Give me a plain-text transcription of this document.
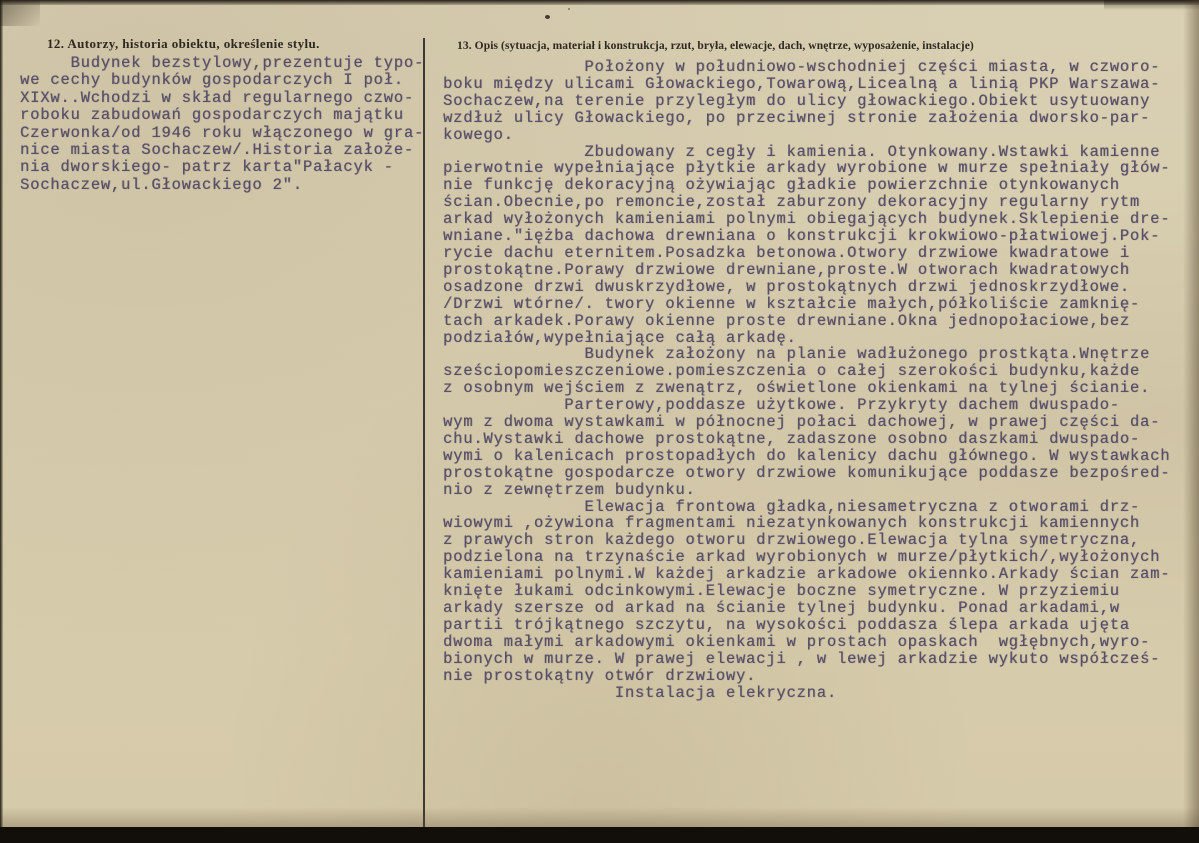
12. Autorzy, historia obiektu, określenie stylu.	13. Opis (sytuacja, materiał i konstrukcja, rzut, bryła, elewacje, dach, wnętrze, wyposażenie, instalacje)
Budynek bezstylowy,prezentuje typo-
we cechy budynków gospodarczych I poł.
XIXw..Wchodzi w skład regularnego czwo-
roboku zabudowań gospodarczych majątku
Czerwonka/od 1946 roku włączonego w gra-
nice miasta Sochaczew/.Historia założe-
nia dworskiego- patrz karta"Pałacyk -
Sochaczew,ul.Głowackiego 2".
Położony w południowo-wschodniej części miasta, w czworo-
boku między ulicami Głowackiego,Towarową,Licealną a linią PKP Warszawa-
Sochaczew,na terenie przyległym do ulicy głowackiego.Obiekt usytuowany
wzdłuż ulicy Głowackiego, po przeciwnej stronie założenia dworsko-par-
kowego.
Zbudowany z cegły i kamienia. Otynkowany.Wstawki kamienne
pierwotnie wypełniające płytkie arkady wyrobione w murze spełniały głów-
nie funkcję dekoracyjną ożywiając gładkie powierzchnie otynkowanych
ścian.Obecnie,po remoncie,został zaburzony dekoracyjny regularny rytm
arkad wyłożonych kamieniami polnymi obiegających budynek.Sklepienie dre-
wniane."iężba dachowa drewniana o konstrukcji krokwiowo-płatwiowej.Pok-
rycie dachu eternitem.Posadzka betonowa.Otwory drzwiowe kwadratowe i
prostokątne.Porawy drzwiowe drewniane,proste.W otworach kwadratowych
osadzone drzwi dwuskrzydłowe, w prostokątnych drzwi jednoskrzydłowe.
/Drzwi wtórne/. twory okienne w kształcie małych,półkoliście zamknię-
tach arkadek.Porawy okienne proste drewniane.Okna jednopołaciowe,bez
podziałów,wypełniające całą arkadę.
Budynek założony na planie wadłużonego prostkąta.Wnętrze
sześciopomieszczeniowe.pomieszczenia o całej szerokości budynku,każde
z osobnym wejściem z zwenątrz, oświetlone okienkami na tylnej ścianie.
Parterowy,poddasze użytkowe. Przykryty dachem dwuspado-
wym z dwoma wystawkami w północnej połaci dachowej, w prawej części da-
chu.Wystawki dachowe prostokątne, zadaszone osobno daszkami dwuspado-
wymi o kalenicach prostopadłych do kalenicy dachu głównego. W wystawkach
prostokątne gospodarcze otwory drzwiowe komunikujące poddasze bezpośred-
nio z zewnętrzem budynku.
Elewacja frontowa gładka,niesametryczna z otworami drz-
wiowymi ,ożywiona fragmentami niezatynkowanych konstrukcji kamiennych
z prawych stron każdego otworu drzwiowego.Elewacja tylna symetryczna,
podzielona na trzynaście arkad wyrobionych w murze/płytkich/,wyłożonych
kamieniami polnymi.W każdej arkadzie arkadowe okiennko.Arkady ścian zam-
knięte łukami odcinkowymi.Elewacje boczne symetryczne. W przyziemiu
arkady szersze od arkad na ścianie tylnej budynku. Ponad arkadami,w
partii trójkątnego szczytu, na wysokości poddasza ślepa arkada ujęta
dwoma małymi arkadowymi okienkami w prostach opaskach  wgłębnych,wyro-
bionych w murze. W prawej elewacji , w lewej arkadzie wykuto współcześ-
nie prostokątny otwór drzwiowy.
Instalacja elekryczna.
